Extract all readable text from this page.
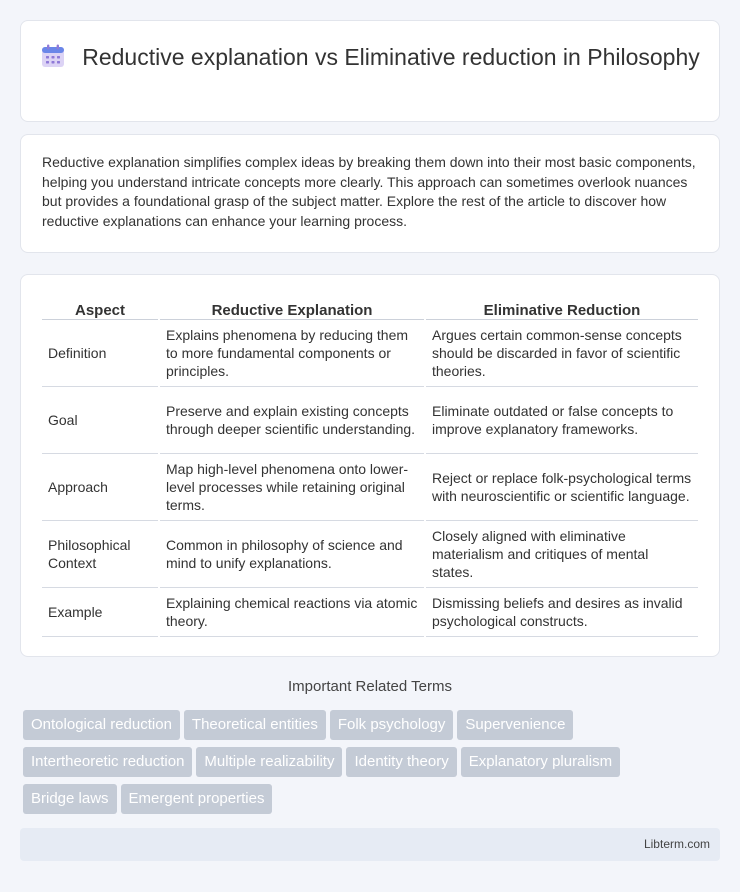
Reductive explanation vs Eliminative reduction in Philosophy

Reductive explanation simplifies complex ideas by breaking them down into their most basic components, helping you understand intricate concepts more clearly. This approach can sometimes overlook nuances but provides a foundational grasp of the subject matter. Explore the rest of the article to discover how reductive explanations can enhance your learning process.

Aspect	Reductive Explanation	Eliminative Reduction
Definition	Explains phenomena by reducing them to more fundamental components or principles.	Argues certain common-sense concepts should be discarded in favor of scientific theories.
Goal	Preserve and explain existing concepts through deeper scientific understanding.	Eliminate outdated or false concepts to improve explanatory frameworks.
Approach	Map high-level phenomena onto lower-level processes while retaining original terms.	Reject or replace folk-psychological terms with neuroscientific or scientific language.
Philosophical Context	Common in philosophy of science and mind to unify explanations.	Closely aligned with eliminative materialism and critiques of mental states.
Example	Explaining chemical reactions via atomic theory.	Dismissing beliefs and desires as invalid psychological constructs.
Important Related Terms
Ontological reduction Theoretical entities Folk psychology Supervenience
Intertheoretic reduction Multiple realizability Identity theory Explanatory pluralism
Bridge laws Emergent properties
Libterm.com
